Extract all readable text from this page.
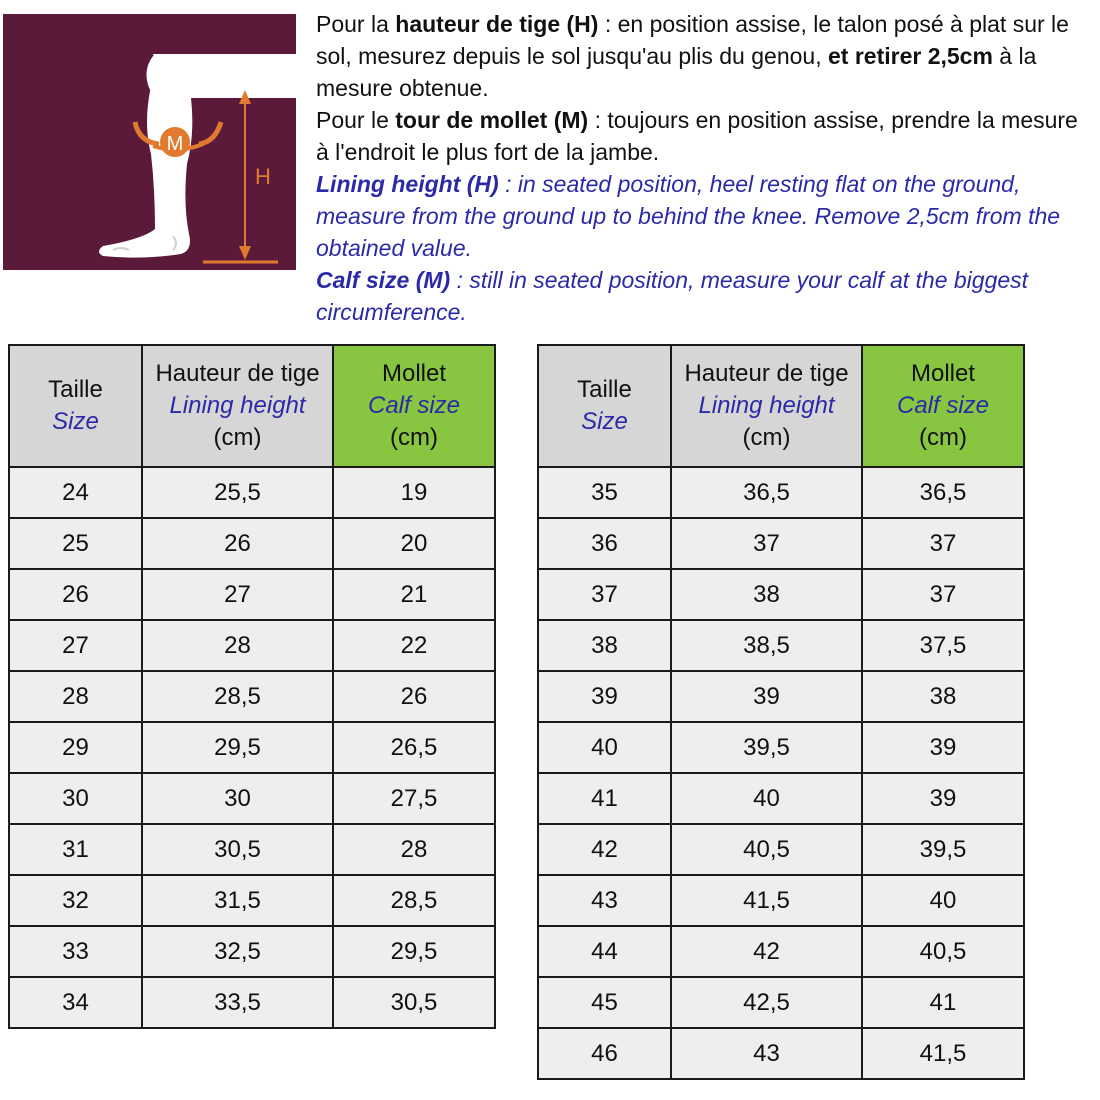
M
H

Pour la hauteur de tige (H) : en position assise, le talon posé à plat sur le sol, mesurez depuis le sol jusqu'au plis du genou, et retirer 2,5cm à la mesure obtenue.

Pour le tour de mollet (M) : toujours en position assise, prendre la mesure à l'endroit le plus fort de la jambe.

Lining height (H) : in seated position, heel resting flat on the ground, measure from the ground up to behind the knee. Remove 2,5cm from the obtained value.

Calf size (M) : still in seated position, measure your calf at the biggest circumference.

Taille
Size	Hauteur de tige
Lining height
(cm)	Mollet
Calf size
(cm)

24	25,5	19
25	26	20
26	27	21
27	28	22
28	28,5	26
29	29,5	26,5
30	30	27,5
31	30,5	28
32	31,5	28,5
33	32,5	29,5
34	33,5	30,5
Taille
Size	Hauteur de tige
Lining height
(cm)	Mollet
Calf size
(cm)

35	36,5	36,5
36	37	37
37	38	37
38	38,5	37,5
39	39	38
40	39,5	39
41	40	39
42	40,5	39,5
43	41,5	40
44	42	40,5
45	42,5	41
46	43	41,5
